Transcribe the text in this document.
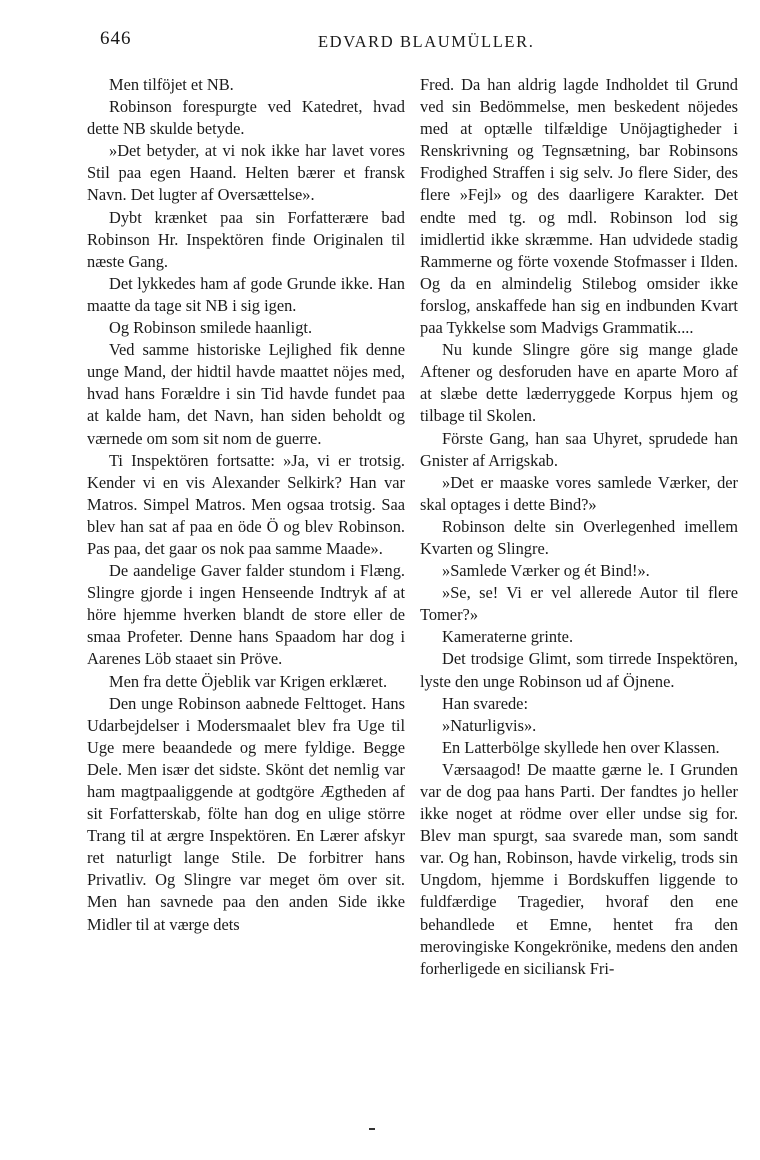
646	EDVARD BLAUMÜLLER.

Men tilföjet et NB.

Robinson forespurgte ved Katedret, hvad dette NB skulde betyde.

»Det betyder, at vi nok ikke har lavet vores Stil paa egen Haand. Helten bærer et fransk Navn. Det lugter af Oversættelse».

Dybt krænket paa sin Forfatterære bad Robinson Hr. Inspektören finde Originalen til næste Gang.

Det lykkedes ham af gode Grunde ikke. Han maatte da tage sit NB i sig igen.

Og Robinson smilede haanligt.

Ved samme historiske Lejlighed fik denne unge Mand, der hidtil havde maattet nöjes med, hvad hans Forældre i sin Tid havde fundet paa at kalde ham, det Navn, han siden beholdt og værnede om som sit nom de guerre.

Ti Inspektören fortsatte: »Ja, vi er trotsig. Kender vi en vis Alexander Selkirk? Han var Matros. Simpel Matros. Men ogsaa trotsig. Saa blev han sat af paa en öde Ö og blev Robinson. Pas paa, det gaar os nok paa samme Maade».

De aandelige Gaver falder stundom i Flæng. Slingre gjorde i ingen Henseende Indtryk af at höre hjemme hverken blandt de store eller de smaa Profeter. Denne hans Spaadom har dog i Aarenes Löb staaet sin Pröve.

Men fra dette Öjeblik var Krigen erklæret.

Den unge Robinson aabnede Felttoget. Hans Udarbejdelser i Modersmaalet blev fra Uge til Uge mere beaandede og mere fyldige. Begge Dele. Men især det sidste. Skönt det nemlig var ham magtpaaliggende at godtgöre Ægtheden af sit Forfatterskab, fölte han dog en ulige större Trang til at ærgre Inspektören. En Lærer afskyr ret naturligt lange Stile. De forbitrer hans Privatliv. Og Slingre var meget öm over sit. Men han savnede paa den anden Side ikke Midler til at værge dets

Fred. Da han aldrig lagde Indholdet til Grund ved sin Bedömmelse, men beskedent nöjedes med at optælle tilfældige Unöjagtigheder i Renskrivning og Tegnsætning, bar Robinsons Frodighed Straffen i sig selv. Jo flere Sider, des flere »Fejl» og des daarligere Karakter. Det endte med tg. og mdl. Robinson lod sig imidlertid ikke skræmme. Han udvidede stadig Rammerne og förte voxende Stofmasser i Ilden. Og da en almindelig Stilebog omsider ikke forslog, anskaffede han sig en indbunden Kvart paa Tykkelse som Madvigs Grammatik....

Nu kunde Slingre göre sig mange glade Aftener og desforuden have en aparte Moro af at slæbe dette læderryggede Korpus hjem og tilbage til Skolen.

Förste Gang, han saa Uhyret, sprudede han Gnister af Arrigskab.

»Det er maaske vores samlede Værker, der skal optages i dette Bind?»

Robinson delte sin Overlegenhed imellem Kvarten og Slingre.

»Samlede Værker og ét Bind!».

»Se, se! Vi er vel allerede Autor til flere Tomer?»

Kameraterne grinte.

Det trodsige Glimt, som tirrede Inspektören, lyste den unge Robinson ud af Öjnene.

Han svarede:

»Naturligvis».

En Latterbölge skyllede hen over Klassen.

Værsaagod! De maatte gærne le. I Grunden var de dog paa hans Parti. Der fandtes jo heller ikke noget at rödme over eller undse sig for. Blev man spurgt, saa svarede man, som sandt var. Og han, Robinson, havde virkelig, trods sin Ungdom, hjemme i Bordskuffen liggende to fuldfærdige Tragedier, hvoraf den ene behandlede et Emne, hentet fra den merovingiske Kongekrönike, medens den anden forherligede en siciliansk Fri-
